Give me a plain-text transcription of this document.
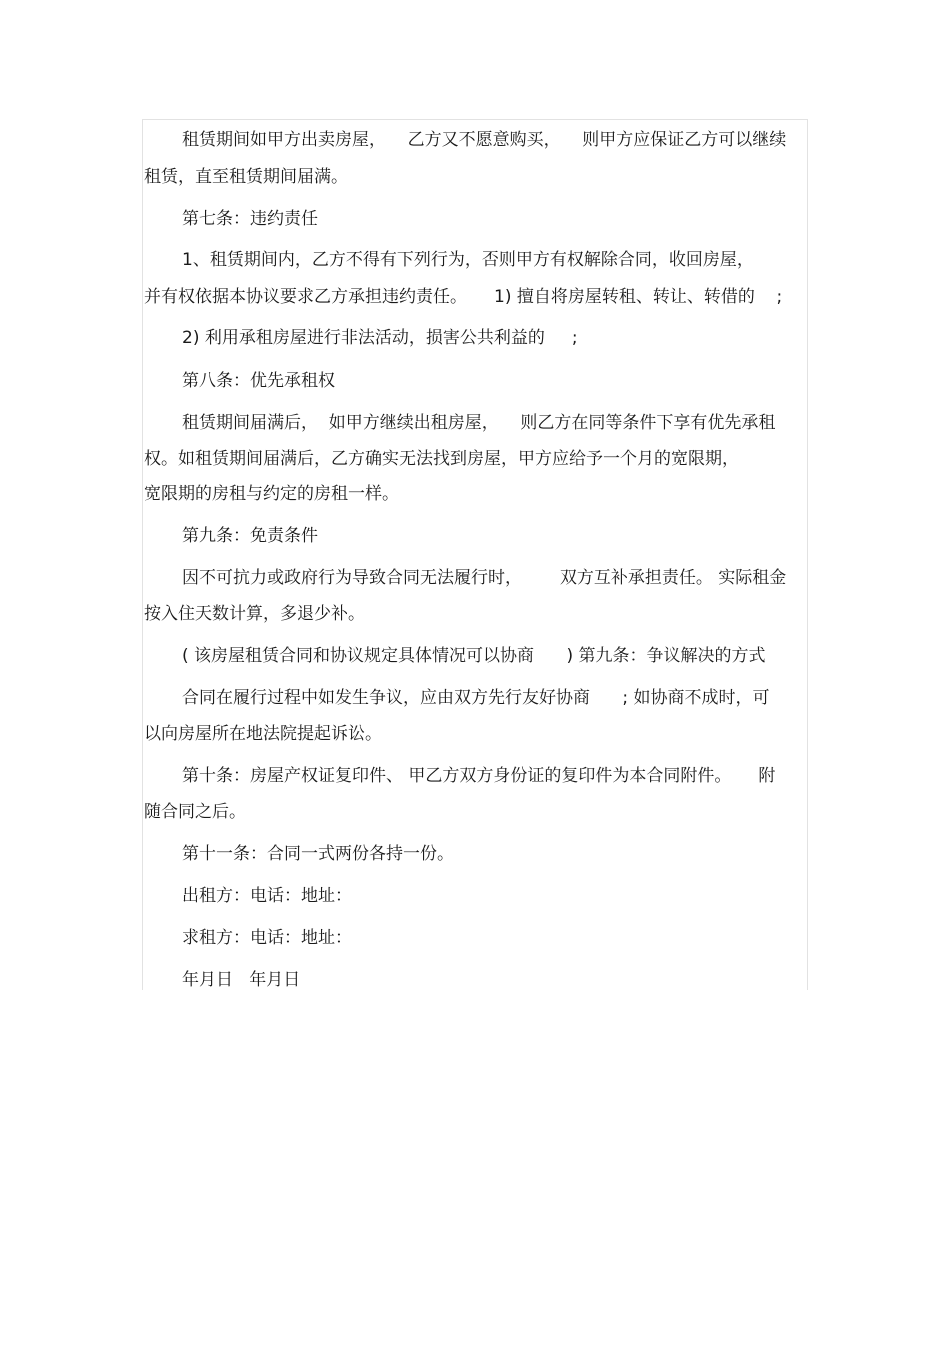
租赁期间如甲方出卖房屋，    乙方又不愿意购买，    则甲方应保证乙方可以继续

租赁，直至租赁期间届满。

第七条：违约责任

1、租赁期间内，乙方不得有下列行为，否则甲方有权解除合同，收回房屋，

并有权依据本协议要求乙方承担违约责任。     1) 擅自将房屋转租、转让、转借的    ;

2) 利用承租房屋进行非法活动，损害公共利益的     ;

第八条：优先承租权

租赁期间届满后，  如甲方继续出租房屋，    则乙方在同等条件下享有优先承租

权。如租赁期间届满后，乙方确实无法找到房屋，甲方应给予一个月的宽限期，

宽限期的房租与约定的房租一样。

第九条：免责条件

因不可抗力或政府行为导致合同无法履行时，       双方互补承担责任。 实际租金

按入住天数计算，多退少补。

( 该房屋租赁合同和协议规定具体情况可以协商      ) 第九条：争议解决的方式

合同在履行过程中如发生争议，应由双方先行友好协商      ; 如协商不成时，可

以向房屋所在地法院提起诉讼。

第十条：房屋产权证复印件、 甲乙方双方身份证的复印件为本合同附件。     附

随合同之后。

第十一条：合同一式两份各持一份。

出租方：电话：地址：

求租方：电话：地址：

年月日   年月日
